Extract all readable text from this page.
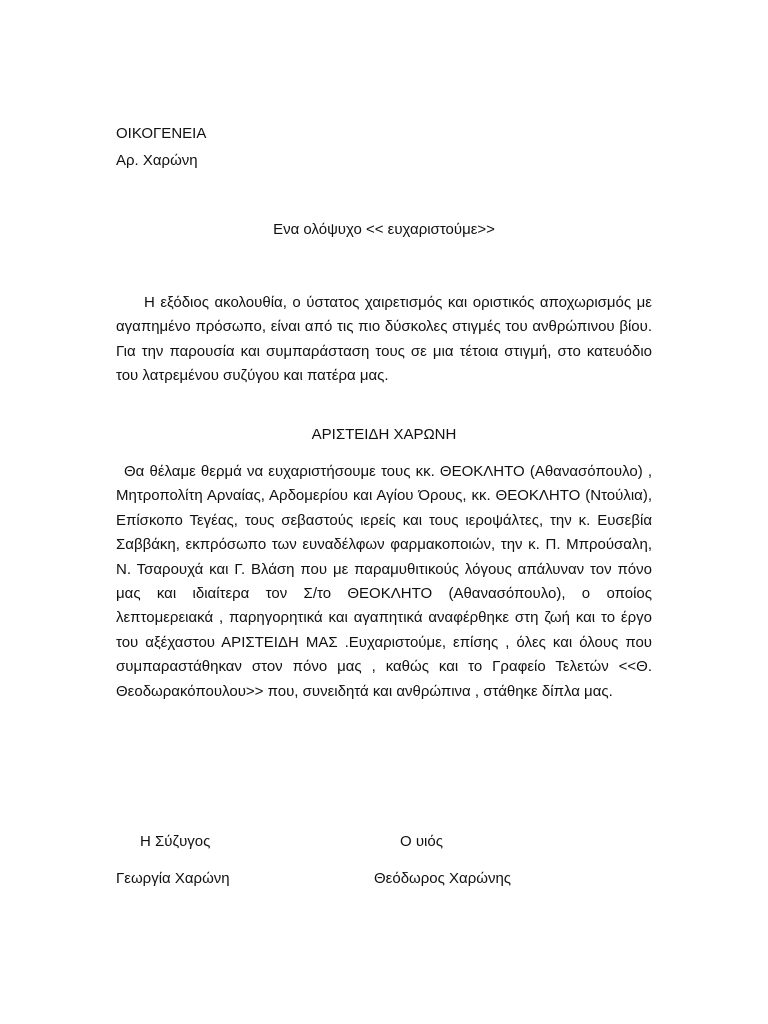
ΟΙΚΟΓΕΝΕΙΑ
Αρ. Χαρώνη
Ενα ολόψυχο << ευχαριστούμε>>
Η εξόδιος ακολουθία, ο ύστατος χαιρετισμός και οριστικός αποχωρισμός με αγαπημένο πρόσωπο, είναι από τις πιο δύσκολες στιγμές του ανθρώπινου βίου. Για την παρουσία και συμπαράσταση τους σε μια τέτοια στιγμή, στο κατευόδιο του λατρεμένου συζύγου και πατέρα μας.
ΑΡΙΣΤΕΙΔΗ ΧΑΡΩΝΗ
Θα θέλαμε θερμά να ευχαριστήσουμε τους κκ. ΘΕΟΚΛΗΤΟ (Αθανασόπουλο) , Μητροπολίτη Αρναίας, Αρδομερίου και Αγίου Όρους, κκ. ΘΕΟΚΛΗΤΟ (Ντούλια), Επίσκοπο Τεγέας, τους σεβαστούς ιερείς και τους ιεροψάλτες, την κ. Ευσεβία Σαββάκη, εκπρόσωπο των ευναδέλφων φαρμακοποιών, την κ. Π. Μπρούσαλη, Ν. Τσαρουχά και Γ. Βλάση που με παραμυθιτικούς λόγους απάλυναν τον πόνο μας και ιδιαίτερα τον Σ/το ΘΕΟΚΛΗΤΟ (Αθανασόπουλο), ο οποίος λεπτομερειακά , παρηγορητικά και αγαπητικά αναφέρθηκε στη ζωή και το έργο του αξέχαστου ΑΡΙΣΤΕΙΔΗ ΜΑΣ .Ευχαριστούμε, επίσης , όλες και όλους που συμπαραστάθηκαν στον πόνο μας , καθώς και το Γραφείο Τελετών <<Θ. Θεοδωρακόπουλου>> που, συνειδητά και ανθρώπινα , στάθηκε δίπλα μας.
Η Σύζυγος	Ο υιός
Γεωργία Χαρώνη	Θεόδωρος Χαρώνης
